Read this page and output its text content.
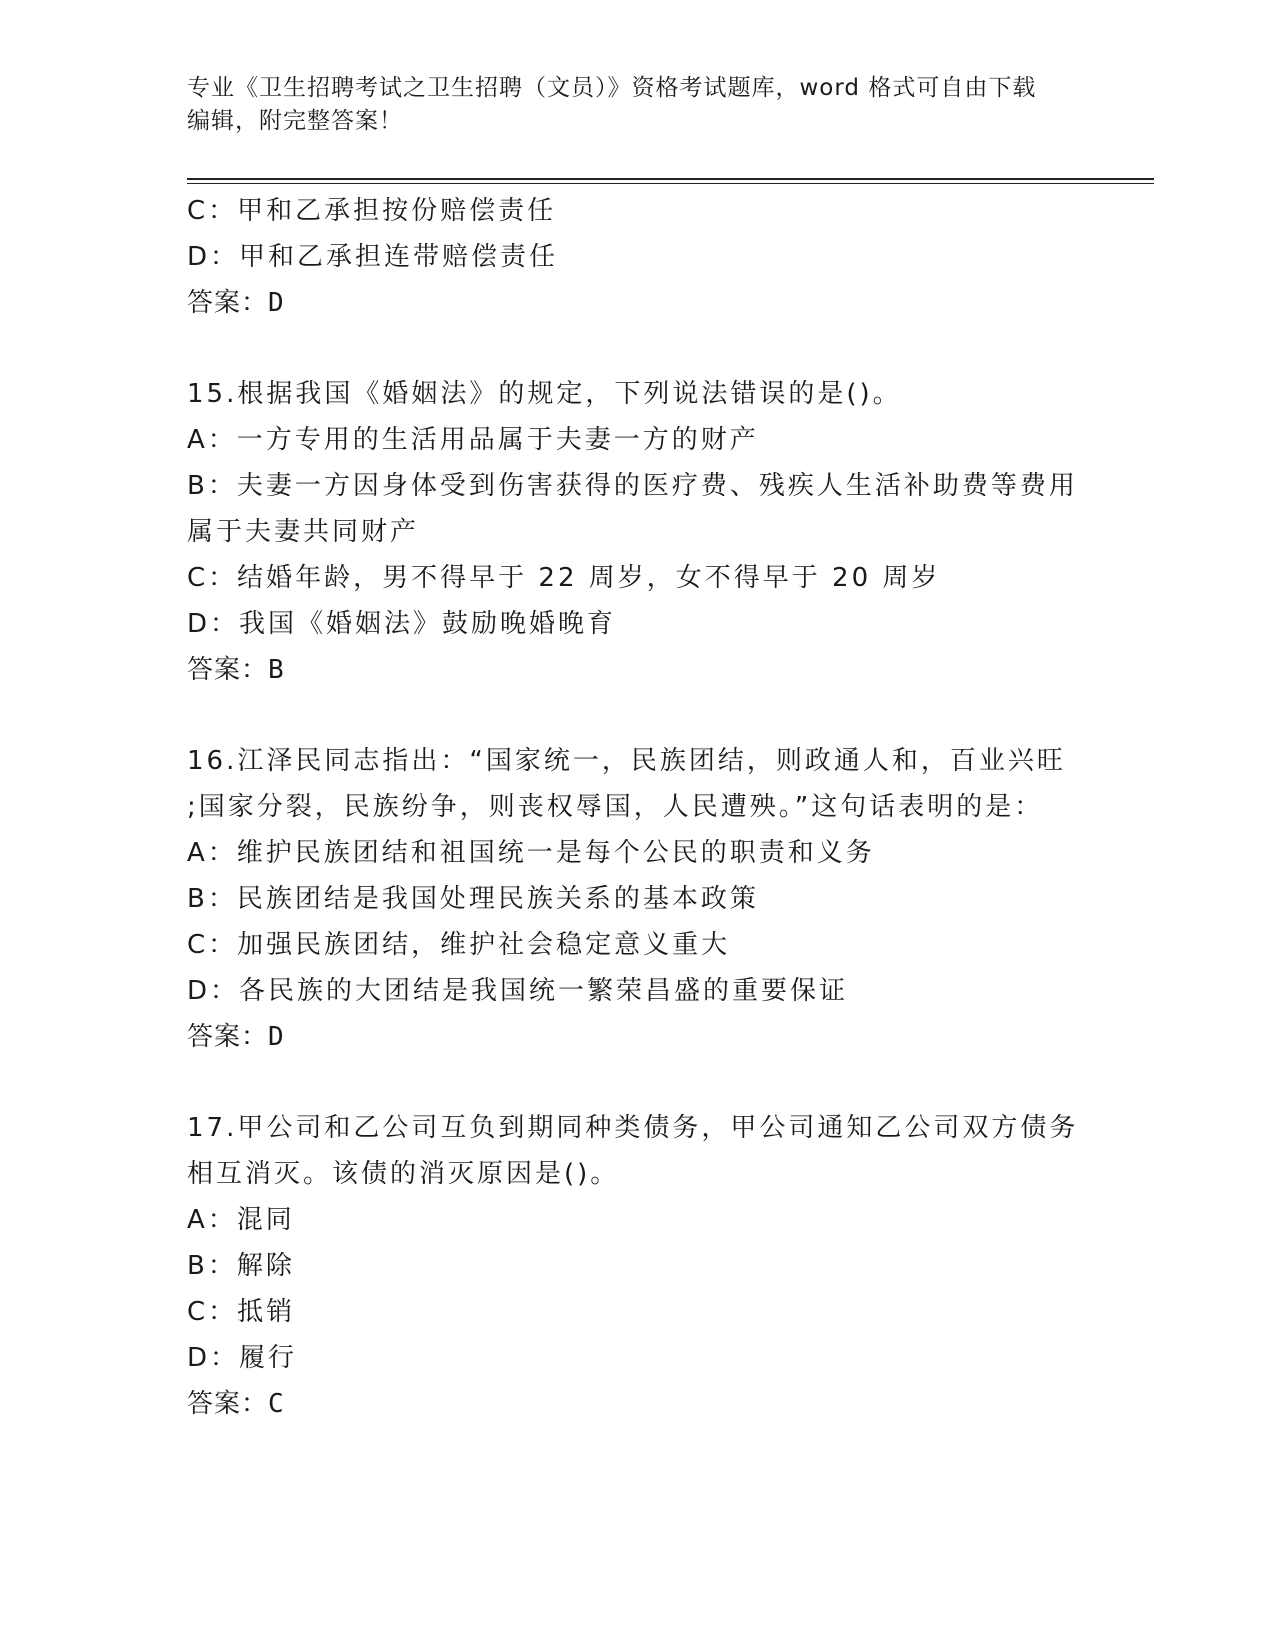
专业《卫生招聘考试之卫生招聘（文员）》资格考试题库，word 格式可自由下载
编辑，附完整答案！
C：甲和乙承担按份赔偿责任
D：甲和乙承担连带赔偿责任
答案：D
15.根据我国《婚姻法》的规定，下列说法错误的是()。
A：一方专用的生活用品属于夫妻一方的财产
B：夫妻一方因身体受到伤害获得的医疗费、残疾人生活补助费等费用
属于夫妻共同财产
C：结婚年龄，男不得早于 22 周岁，女不得早于 20 周岁
D：我国《婚姻法》鼓励晚婚晚育
答案：B
16.江泽民同志指出：“国家统一，民族团结，则政通人和，百业兴旺
;国家分裂，民族纷争，则丧权辱国，人民遭殃。”这句话表明的是：
A：维护民族团结和祖国统一是每个公民的职责和义务
B：民族团结是我国处理民族关系的基本政策
C：加强民族团结，维护社会稳定意义重大
D：各民族的大团结是我国统一繁荣昌盛的重要保证
答案：D
17.甲公司和乙公司互负到期同种类债务，甲公司通知乙公司双方债务
相互消灭。该债的消灭原因是()。
A：混同
B：解除
C：抵销
D：履行
答案：C
